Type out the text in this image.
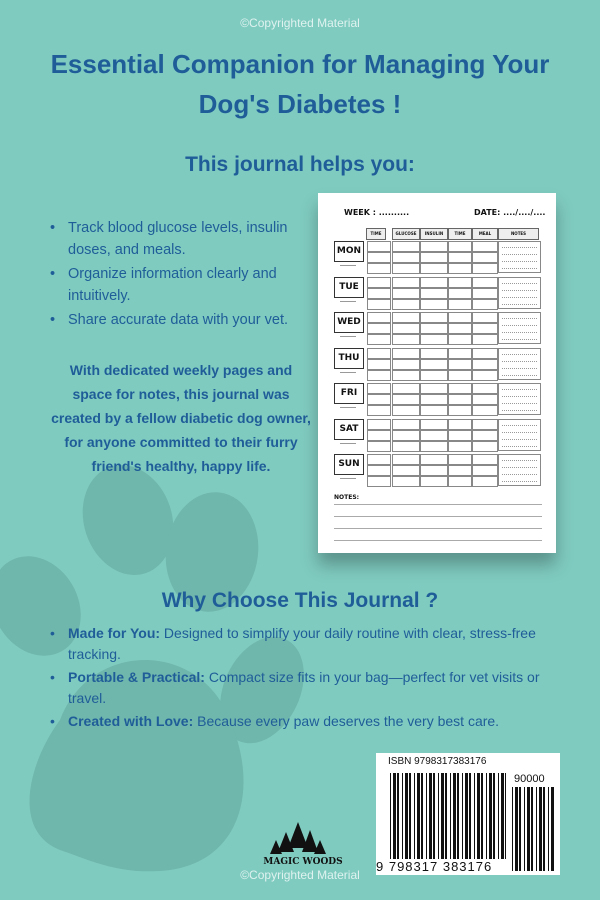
©Copyrighted Material
Essential Companion for Managing Your
Dog's Diabetes !
This journal helps you:
• Track blood glucose levels, insulin doses, and meals.
• Organize information clearly and intuitively.
• Share accurate data with your vet.
With dedicated weekly pages and space for notes, this journal was created by a fellow diabetic dog owner, for anyone committed to their furry friend's healthy, happy life.
WEEK : ..........	DATE: ..../..../....
TIME	GLUCOSE	INSULIN	TIME	MEAL	NOTES
MON
TUE
WED
THU
FRI
SAT
SUN
NOTES:
Why Choose This Journal ?
• Made for You: Designed to simplify your daily routine with clear, stress-free tracking.
• Portable & Practical: Compact size fits in your bag—perfect for vet visits or travel.
• Created with Love: Because every paw deserves the very best care.
MAGIC WOODS
ISBN 9798317383176
90000
9 798317 383176
©Copyrighted Material
